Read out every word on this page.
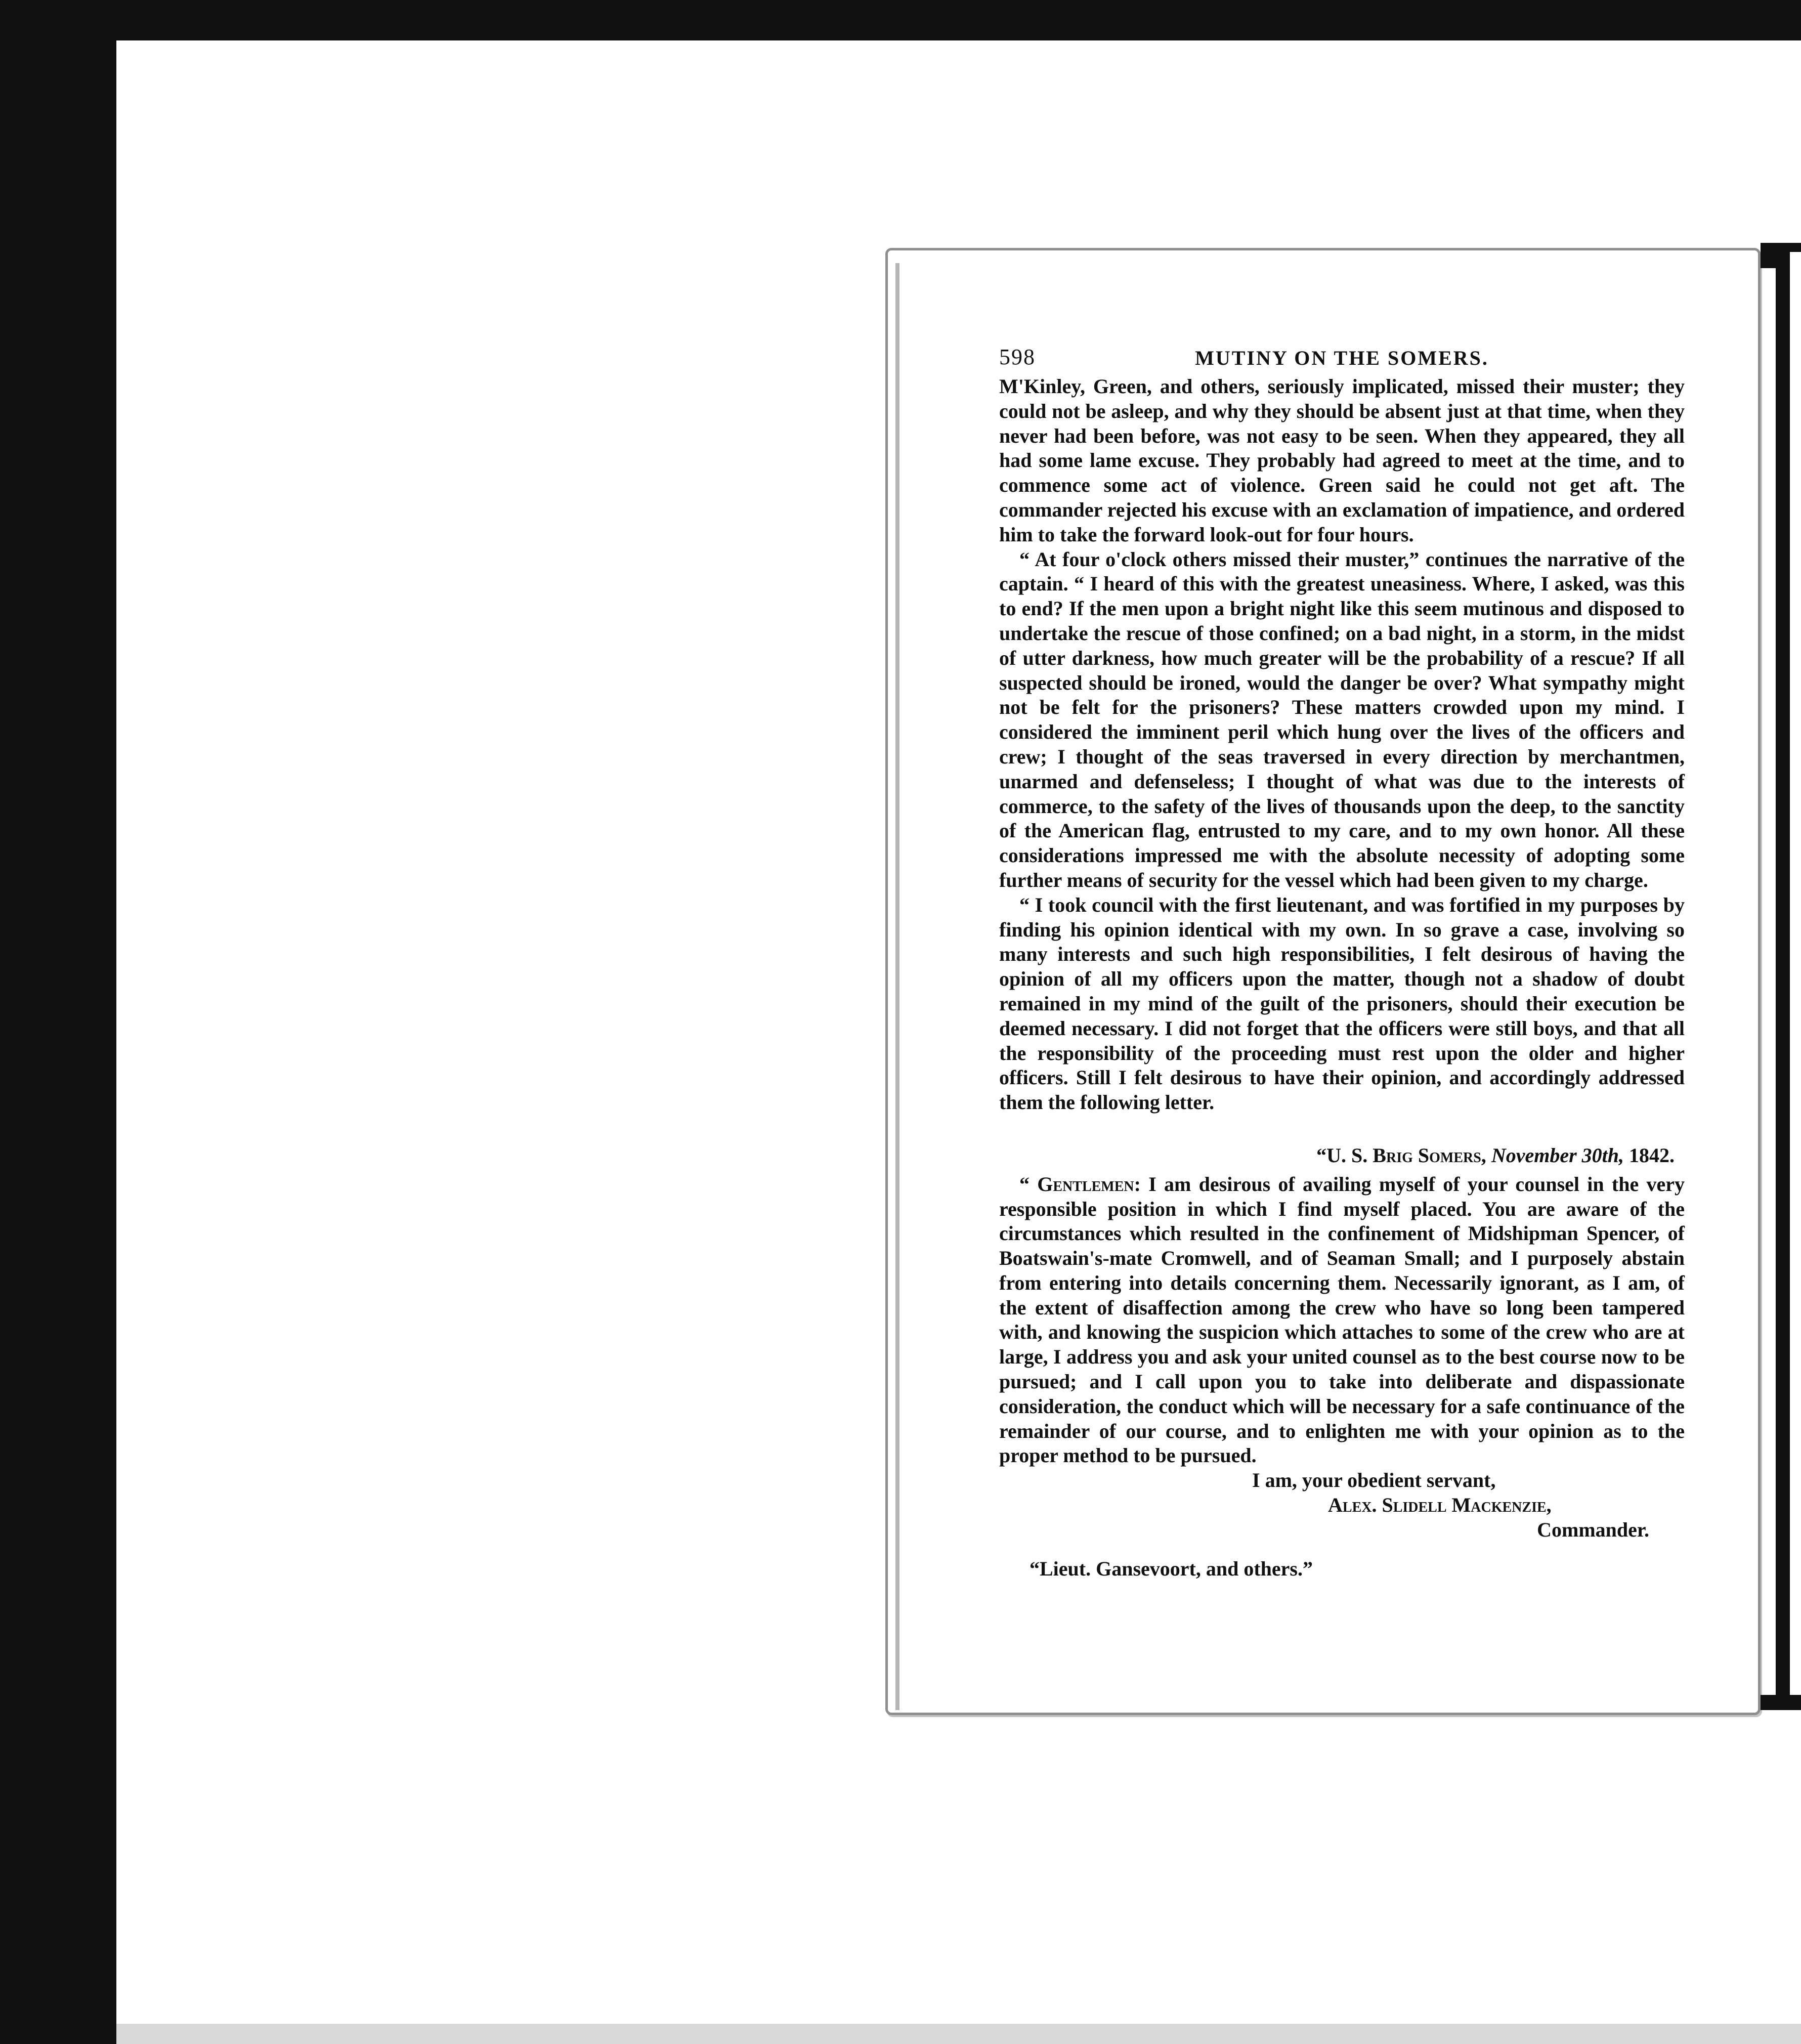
598	MUTINY ON THE SOMERS.

M'Kinley, Green, and others, seriously implicated, missed their muster; they could not be asleep, and why they should be absent just at that time, when they never had been before, was not easy to be seen. When they appeared, they all had some lame excuse. They probably had agreed to meet at the time, and to commence some act of violence. Green said he could not get aft. The commander rejected his excuse with an exclamation of impatience, and ordered him to take the forward look-out for four hours.

“ At four o'clock others missed their muster,” continues the narrative of the captain. “ I heard of this with the greatest uneasiness. Where, I asked, was this to end? If the men upon a bright night like this seem mutinous and disposed to undertake the rescue of those confined; on a bad night, in a storm, in the midst of utter darkness, how much greater will be the probability of a rescue? If all suspected should be ironed, would the danger be over? What sympathy might not be felt for the prisoners? These matters crowded upon my mind. I considered the imminent peril which hung over the lives of the officers and crew; I thought of the seas traversed in every direction by merchantmen, unarmed and defenseless; I thought of what was due to the interests of commerce, to the safety of the lives of thousands upon the deep, to the sanctity of the American flag, entrusted to my care, and to my own honor. All these considerations impressed me with the absolute necessity of adopting some further means of security for the vessel which had been given to my charge.

“ I took council with the first lieutenant, and was fortified in my purposes by finding his opinion identical with my own. In so grave a case, involving so many interests and such high responsibilities, I felt desirous of having the opinion of all my officers upon the matter, though not a shadow of doubt remained in my mind of the guilt of the prisoners, should their execution be deemed necessary. I did not forget that the officers were still boys, and that all the responsibility of the proceeding must rest upon the older and higher officers. Still I felt desirous to have their opinion, and accordingly addressed them the following letter.

“U. S. Brig Somers, November 30th, 1842.

“ Gentlemen: I am desirous of availing myself of your counsel in the very responsible position in which I find myself placed. You are aware of the circumstances which resulted in the confinement of Midshipman Spencer, of Boatswain's-mate Cromwell, and of Seaman Small; and I purposely abstain from entering into details concerning them. Necessarily ignorant, as I am, of the extent of disaffection among the crew who have so long been tampered with, and knowing the suspicion which attaches to some of the crew who are at large, I address you and ask your united counsel as to the best course now to be pursued; and I call upon you to take into deliberate and dispassionate consideration, the conduct which will be necessary for a safe continuance of the remainder of our course, and to enlighten me with your opinion as to the proper method to be pursued.

I am, your obedient servant,

Alex. Slidell Mackenzie,

Commander.

“Lieut. Gansevoort, and others.”
